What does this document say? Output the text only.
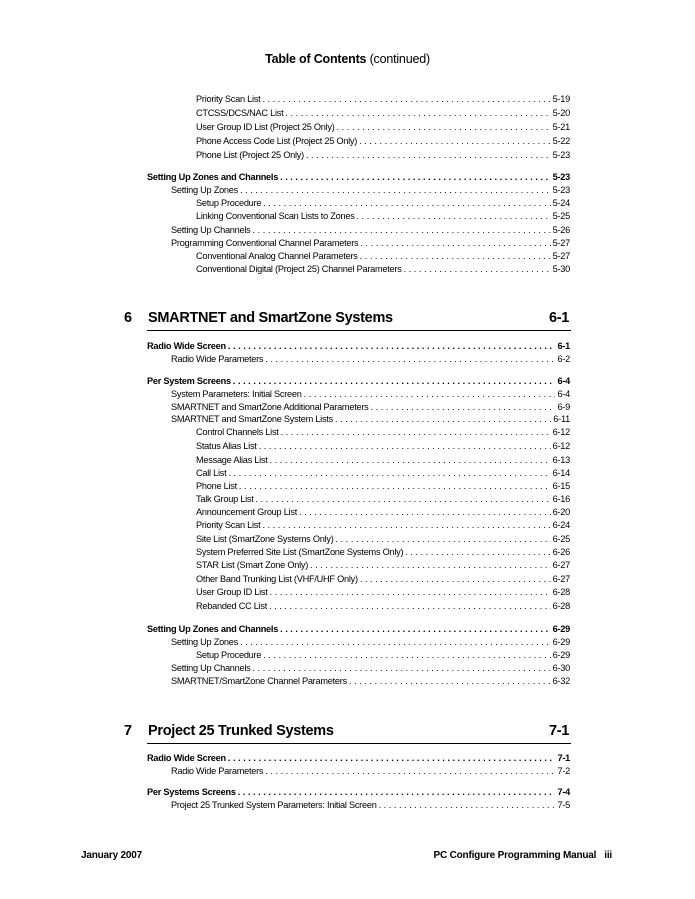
Table of Contents (continued)
Priority Scan List . . .	5-19
CTCSS/DCS/NAC List . . .	5-20
User Group ID List (Project 25 Only) . . .	5-21
Phone Access Code List (Project 25 Only) . . .	5-22
Phone List (Project 25 Only) . . .	5-23
Setting Up Zones and Channels . . .	5-23
Setting Up Zones . . .	5-23
Setup Procedure . . .	5-24
Linking Conventional Scan Lists to Zones . . .	5-25
Setting Up Channels . . .	5-26
Programming Conventional Channel Parameters . . .	5-27
Conventional Analog Channel Parameters . . .	5-27
Conventional Digital (Project 25) Channel Parameters . . .	5-30
6	SMARTNET and SmartZone Systems	6-1
Radio Wide Screen . . .	6-1
Radio Wide Parameters . . .	6-2
Per System Screens . . .	6-4
System Parameters: Initial Screen . . .	6-4
SMARTNET and SmartZone Additional Parameters . . .	6-9
SMARTNET and SmartZone System Lists . . .	6-11
Control Channels List . . .	6-12
Status Alias List . . .	6-12
Message Alias List . . .	6-13
Call List . . .	6-14
Phone List . . .	6-15
Talk Group List . . .	6-16
Announcement Group List . . .	6-20
Priority Scan List . . .	6-24
Site List (SmartZone Systems Only) . . .	6-25
System Preferred Site List (SmartZone Systems Only) . . .	6-26
STAR List (Smart Zone Only) . . .	6-27
Other Band Trunking List (VHF/UHF Only) . . .	6-27
User Group ID List . . .	6-28
Rebanded CC List . . .	6-28
Setting Up Zones and Channels . . .	6-29
Setting Up Zones . . .	6-29
Setup Procedure . . .	6-29
Setting Up Channels . . .	6-30
SMARTNET/SmartZone Channel Parameters . . .	6-32
7	Project 25 Trunked Systems	7-1
Radio Wide Screen . . .	7-1
Radio Wide Parameters . . .	7-2
Per Systems Screens . . .	7-4
Project 25 Trunked System Parameters: Initial Screen . . .	7-5
January 2007	PC Configure Programming Manual iii
